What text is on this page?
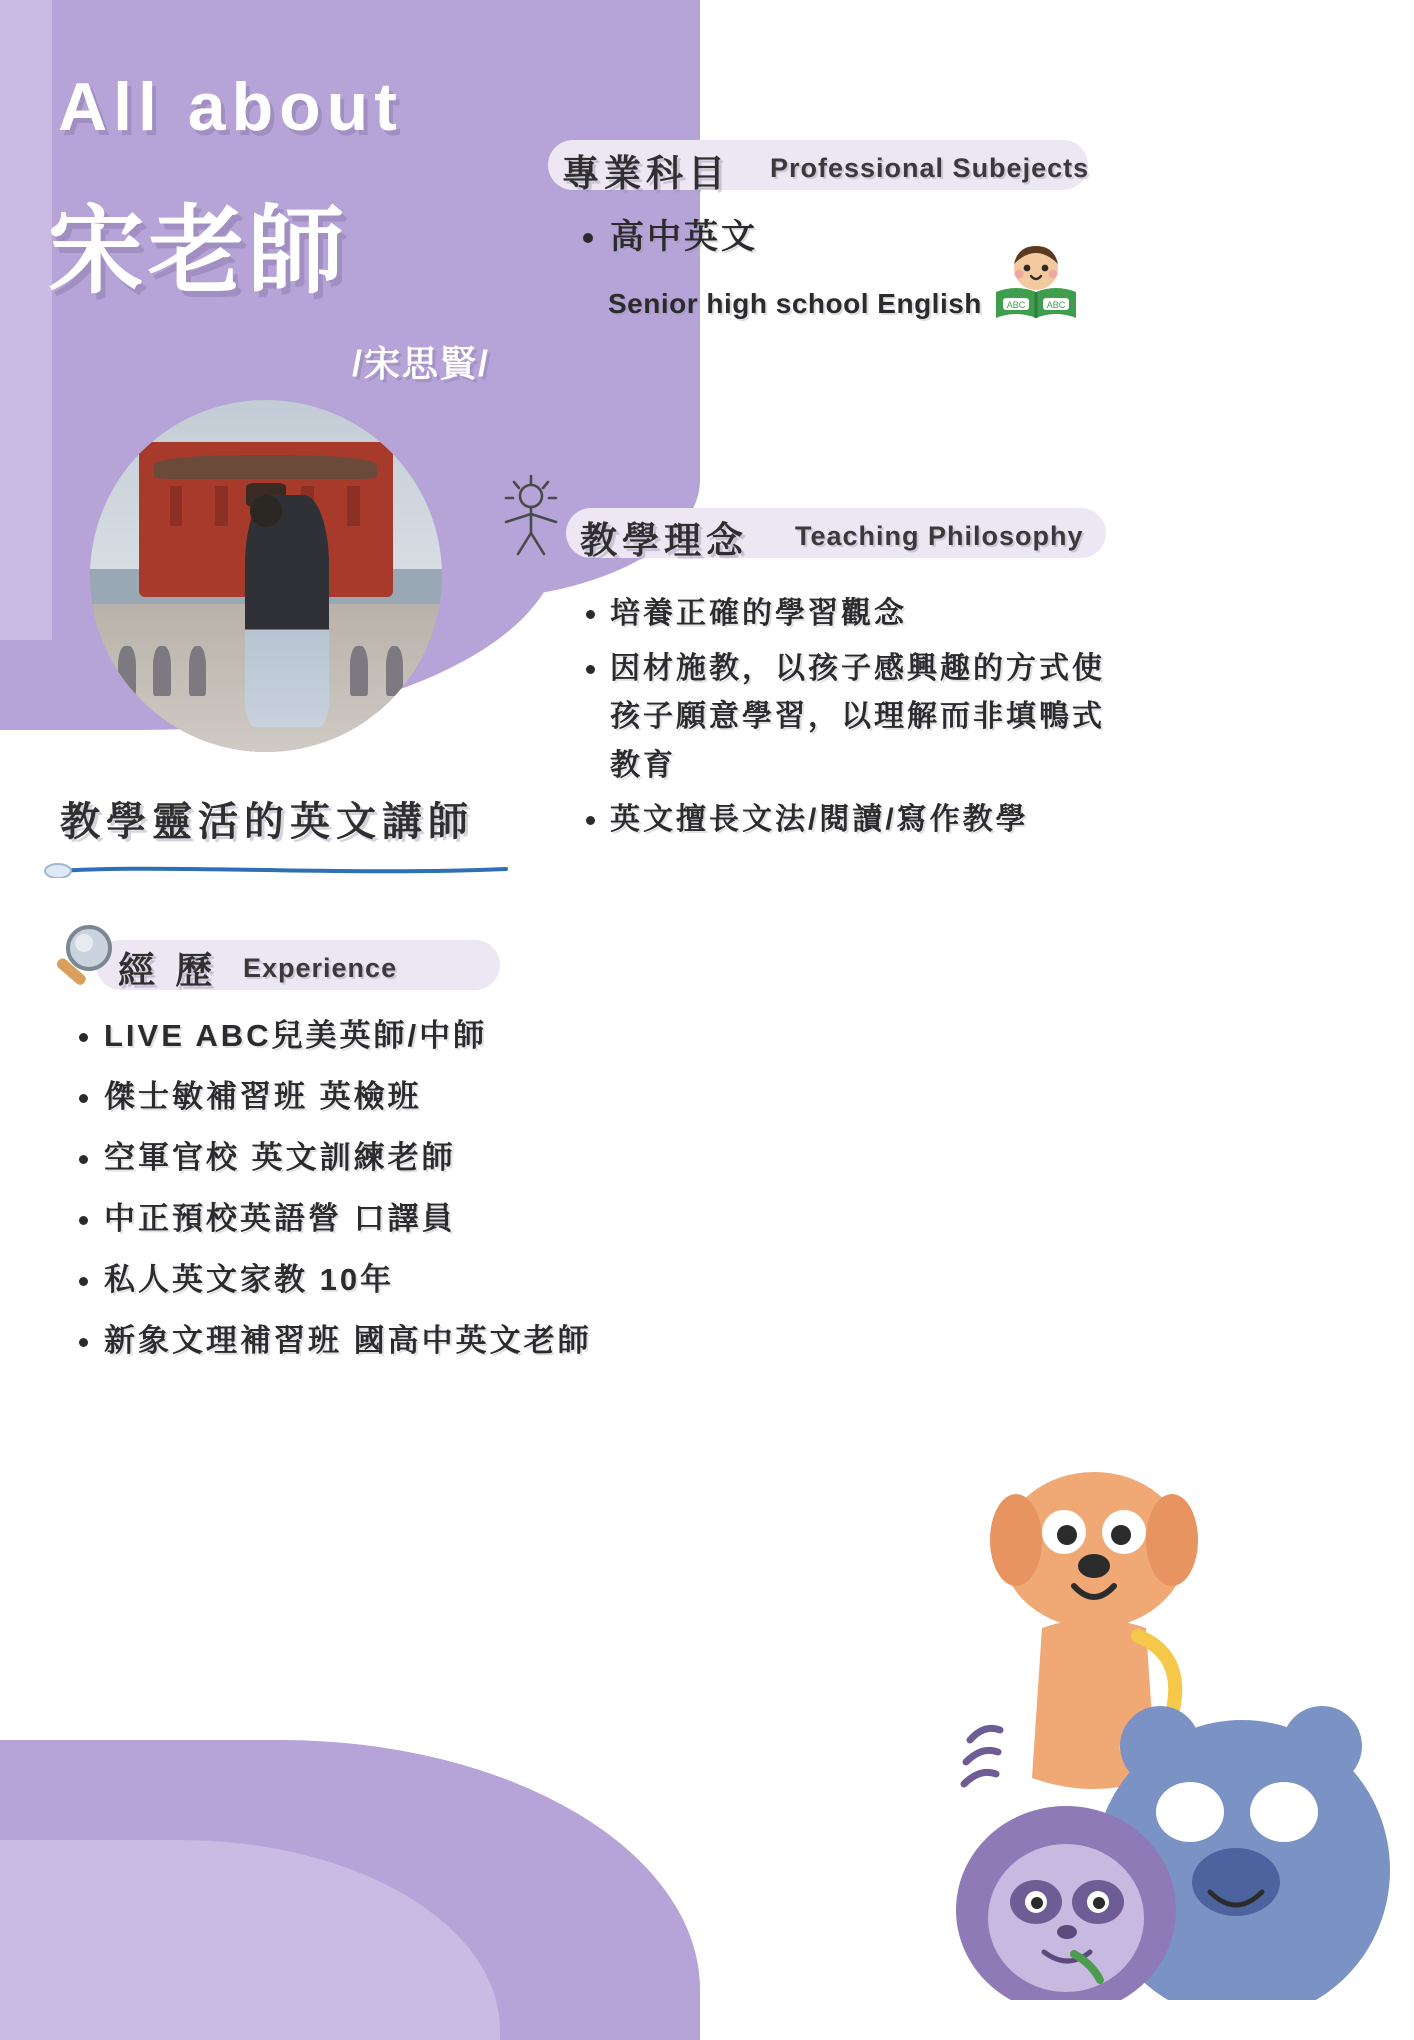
All about
宋老師
/宋思賢/
教學靈活的英文講師
專業科目 Professional Subejects
• 高中英文
Senior high school English	ABC ABC
教學理念 Teaching Philosophy
• 培養正確的學習觀念
• 因材施教，以孩子感興趣的方式使孩子願意學習，以理解而非填鴨式教育
• 英文擅長文法/閱讀/寫作教學
經 歷 Experience
• LIVE ABC兒美英師/中師
• 傑士敏補習班 英檢班
• 空軍官校 英文訓練老師
• 中正預校英語營 口譯員
• 私人英文家教 10年
• 新象文理補習班 國高中英文老師
